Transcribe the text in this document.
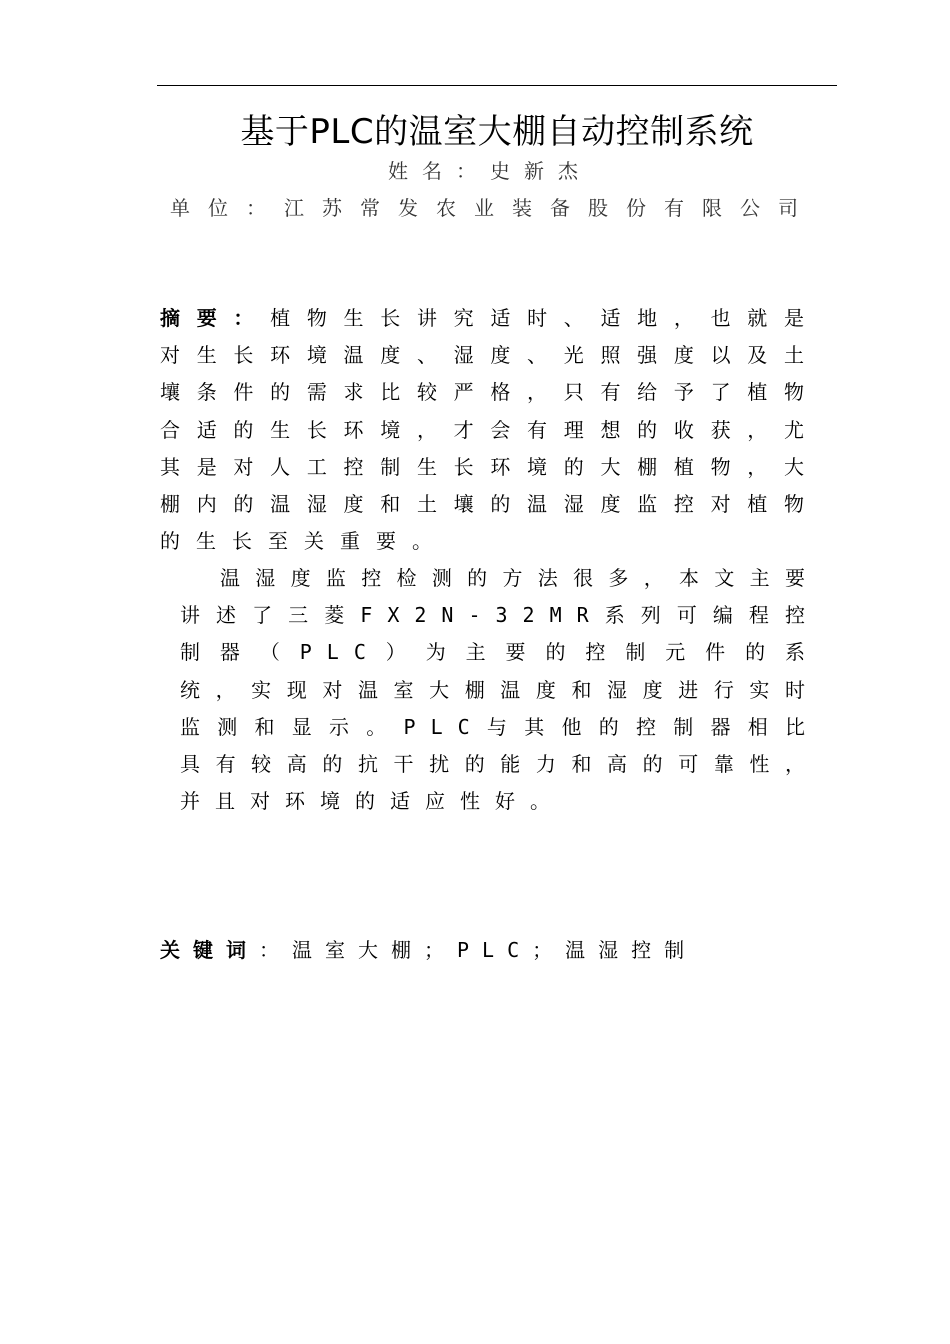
基于PLC的温室大棚自动控制系统
姓名：史新杰
单位：江苏常发农业装备股份有限公司

摘要：植物生长讲究适时、适地，也就是对生长环境温度、湿度、光照强度以及土壤条件的需求比较严格，只有给予了植物合适的生长环境，才会有理想的收获，尤其是对人工控制生长环境的大棚植物，大棚内的温湿度和土壤的温湿度监控对植物的生长至关重要。

温湿度监控检测的方法很多，本文主要讲述了三菱FX2N-32MR系列可编程控制器（PLC）为主要的控制元件的系统，实现对温室大棚温度和湿度进行实时监测和显示。PLC与其他的控制器相比具有较高的抗干扰的能力和高的可靠性，并且对环境的适应性好。

关键词：温室大棚；PLC；温湿控制
